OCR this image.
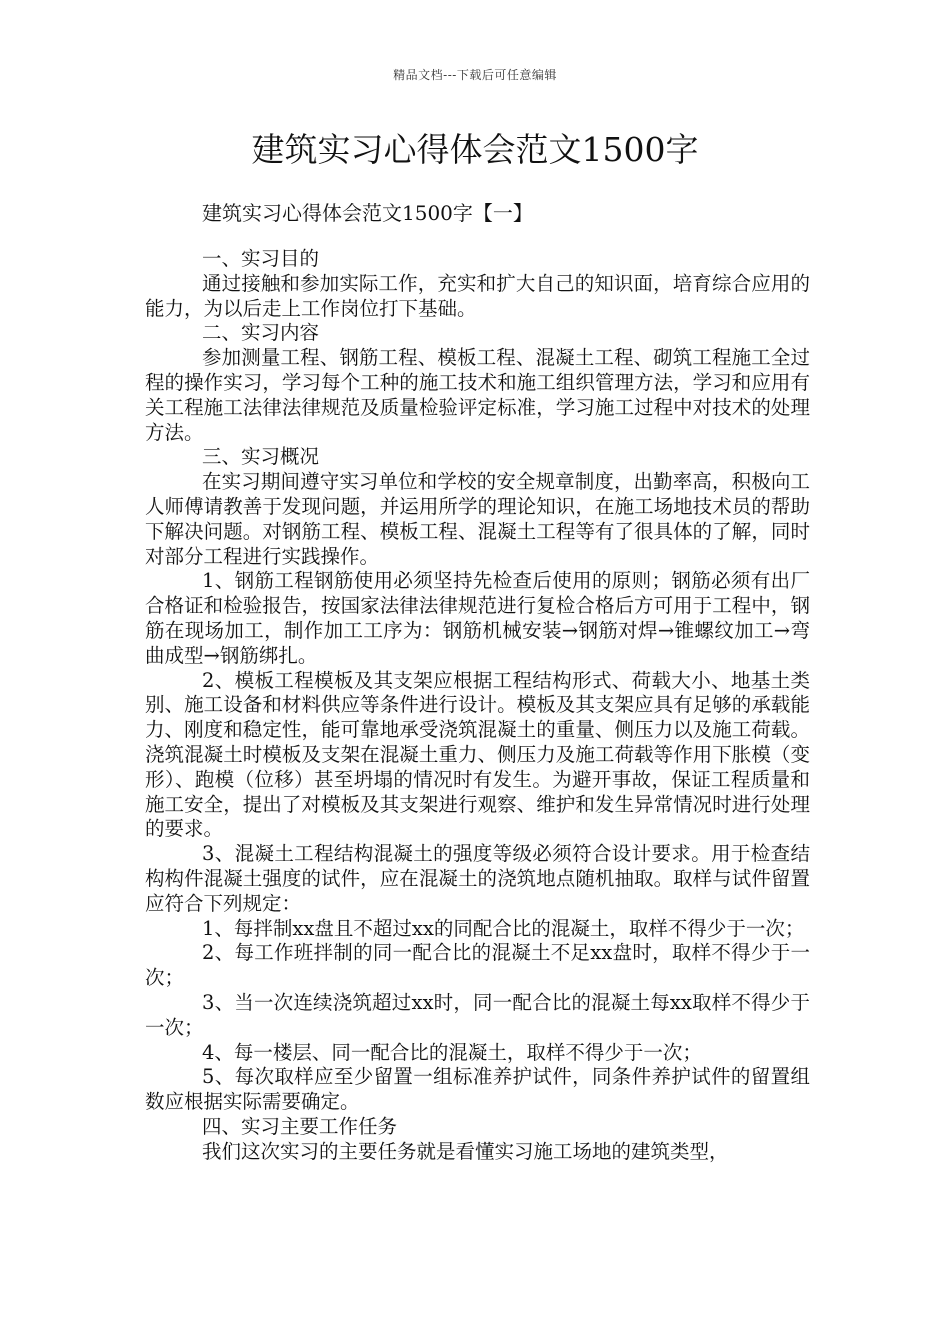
精品文档---下载后可任意编辑
建筑实习心得体会范文1500字
建筑实习心得体会范文1500字【一】

一、实习目的

通过接触和参加实际工作，充实和扩大自己的知识面，培育综合应用的能力，为以后走上工作岗位打下基础。

二、实习内容

参加测量工程、钢筋工程、模板工程、混凝土工程、砌筑工程施工全过程的操作实习，学习每个工种的施工技术和施工组织管理方法，学习和应用有关工程施工法律法律规范及质量检验评定标准，学习施工过程中对技术的处理方法。

三、实习概况

在实习期间遵守实习单位和学校的安全规章制度，出勤率高，积极向工人师傅请教善于发现问题，并运用所学的理论知识，在施工场地技术员的帮助下解决问题。对钢筋工程、模板工程、混凝土工程等有了很具体的了解，同时对部分工程进行实践操作。

1、钢筋工程钢筋使用必须坚持先检查后使用的原则；钢筋必须有出厂合格证和检验报告，按国家法律法律规范进行复检合格后方可用于工程中，钢筋在现场加工，制作加工工序为：钢筋机械安装→钢筋对焊→锥螺纹加工→弯曲成型→钢筋绑扎。

2、模板工程模板及其支架应根据工程结构形式、荷载大小、地基土类别、施工设备和材料供应等条件进行设计。模板及其支架应具有足够的承载能力、刚度和稳定性，能可靠地承受浇筑混凝土的重量、侧压力以及施工荷载。浇筑混凝土时模板及支架在混凝土重力、侧压力及施工荷载等作用下胀模（变形）、跑模（位移）甚至坍塌的情况时有发生。为避开事故，保证工程质量和施工安全，提出了对模板及其支架进行观察、维护和发生异常情况时进行处理的要求。

3、混凝土工程结构混凝土的强度等级必须符合设计要求。用于检查结构构件混凝土强度的试件，应在混凝土的浇筑地点随机抽取。取样与试件留置应符合下列规定：

1、每拌制xx盘且不超过xx的同配合比的混凝土，取样不得少于一次；

2、每工作班拌制的同一配合比的混凝土不足xx盘时，取样不得少于一次；

3、当一次连续浇筑超过xx时，同一配合比的混凝土每xx取样不得少于一次；

4、每一楼层、同一配合比的混凝土，取样不得少于一次；

5、每次取样应至少留置一组标准养护试件，同条件养护试件的留置组数应根据实际需要确定。

四、实习主要工作任务

我们这次实习的主要任务就是看懂实习施工场地的建筑类型，
